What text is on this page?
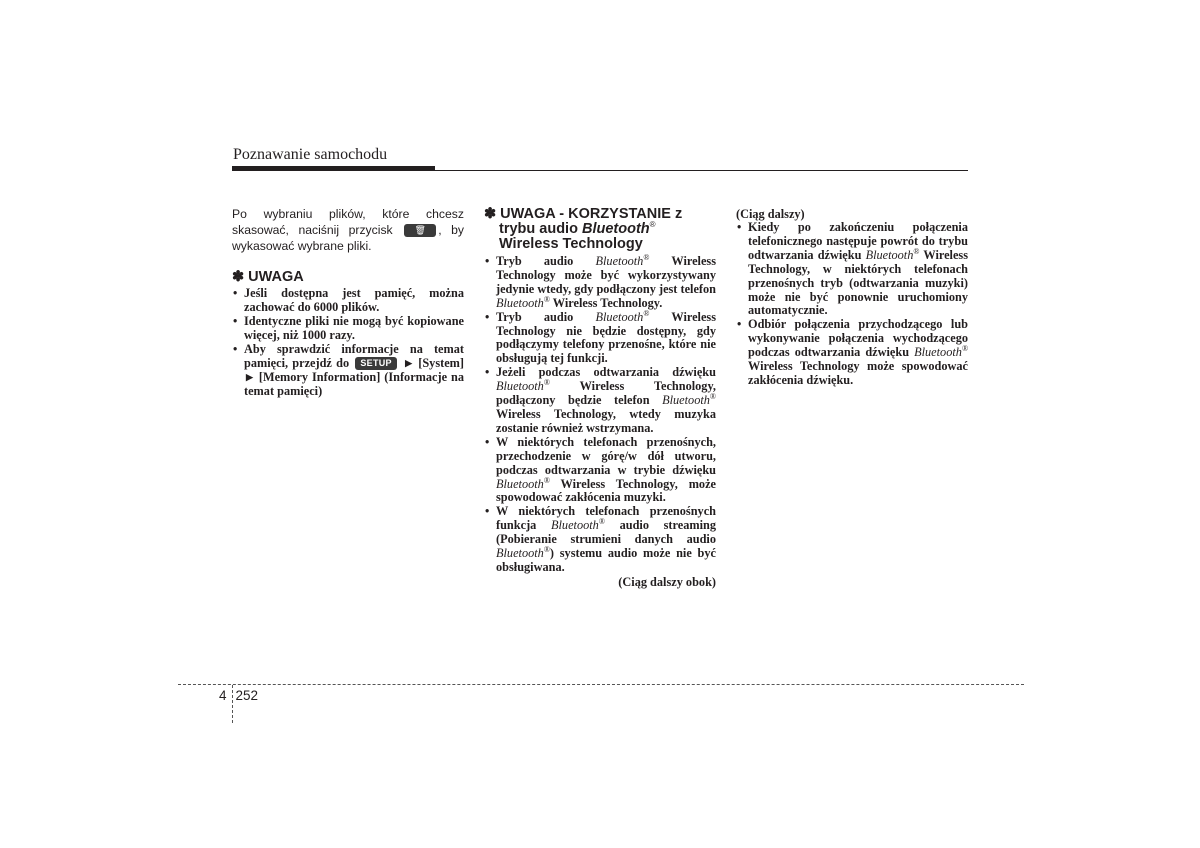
Poznawanie samochodu

Po wybraniu plików, które chcesz skasować, naciśnij przycisk 🗑 , by wykasować wybrane pliki.

✽ UWAGA

• Jeśli dostępna jest pamięć, można zachować do 6000 plików.
• Identyczne pliki nie mogą być kopiowane więcej, niż 1000 razy.
• Aby sprawdzić informacje na temat pamięci, przejdź do SETUP ▶ [System] ▶ [Memory Information] (Informacje na temat pamięci)

✽ UWAGA - KORZYSTANIE z trybu audio Bluetooth® Wireless Technology

• Tryb audio Bluetooth® Wireless Technology może być wykorzystywany jedynie wtedy, gdy podłączony jest telefon Bluetooth® Wireless Technology.
• Tryb audio Bluetooth® Wireless Technology nie będzie dostępny, gdy podłączymy telefony przenośne, które nie obsługują tej funkcji.
• Jeżeli podczas odtwarzania dźwięku Bluetooth® Wireless Technology, podłączony będzie telefon Bluetooth® Wireless Technology, wtedy muzyka zostanie również wstrzymana.
• W niektórych telefonach przenośnych, przechodzenie w górę/w dół utworu, podczas odtwarzania w trybie dźwięku Bluetooth® Wireless Technology, może spowodować zakłócenia muzyki.
• W niektórych telefonach przenośnych funkcja Bluetooth® audio streaming (Pobieranie strumieni danych audio Bluetooth®) systemu audio może nie być obsługiwana.

(Ciąg dalszy obok)

(Ciąg dalszy)

• Kiedy po zakończeniu połączenia telefonicznego następuje powrót do trybu odtwarzania dźwięku Bluetooth® Wireless Technology, w niektórych telefonach przenośnych tryb (odtwarzania muzyki) może nie być ponownie uruchomiony automatycznie.
• Odbiór połączenia przychodzącego lub wykonywanie połączenia wychodzącego podczas odtwarzania dźwięku Bluetooth® Wireless Technology może spowodować zakłócenia dźwięku.
4 252
